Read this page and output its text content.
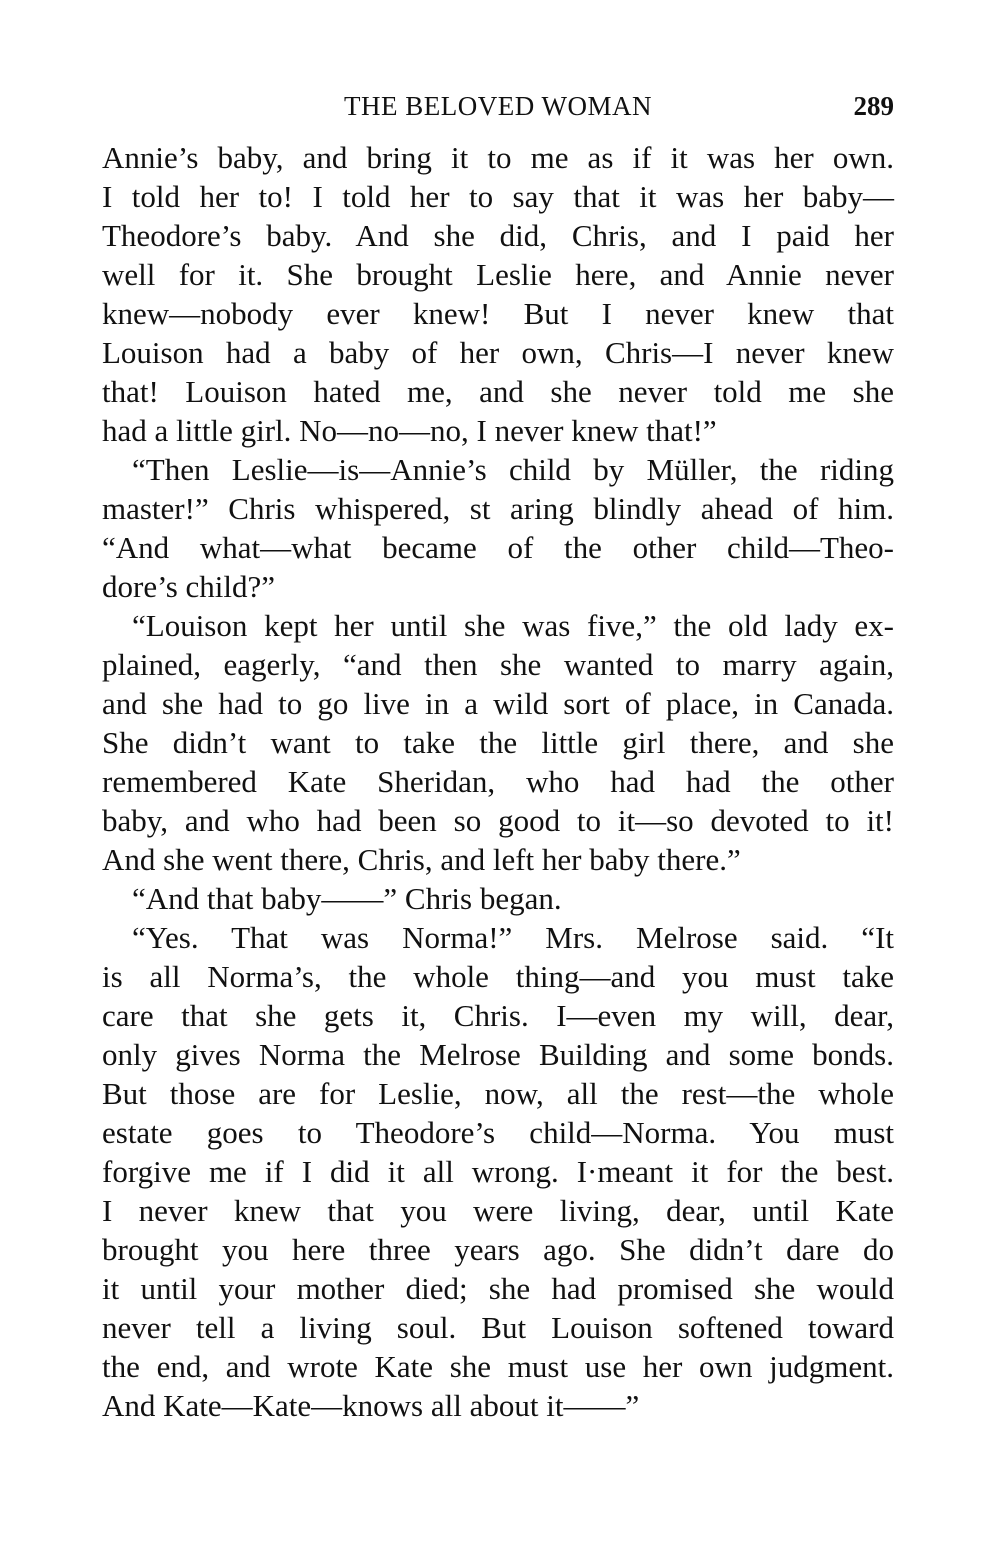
THE BELOVED WOMAN	289
Annie’s baby, and bring it to me as if it was her own.
I told her to! I told her to say that it was her baby—
Theodore’s baby. And she did, Chris, and I paid her
well for it. She brought Leslie here, and Annie never
knew—nobody ever knew! But I never knew that
Louison had a baby of her own, Chris—I never knew
that! Louison hated me, and she never told me she
had a little girl. No—no—no, I never knew that!”
“Then Leslie—is—Annie’s child by Müller, the riding
master!” Chris whispered, st aring blindly ahead of him.
“And what—what became of the other child—Theo-
dore’s child?”
“Louison kept her until she was five,” the old lady ex-
plained, eagerly, “and then she wanted to marry again,
and she had to go live in a wild sort of place, in Canada.
She didn’t want to take the little girl there, and she
remembered Kate Sheridan, who had had the other
baby, and who had been so good to it—so devoted to it!
And she went there, Chris, and left her baby there.”
“And that baby——” Chris began.
“Yes. That was Norma!” Mrs. Melrose said. “It
is all Norma’s, the whole thing—and you must take
care that she gets it, Chris. I—even my will, dear,
only gives Norma the Melrose Building and some bonds.
But those are for Leslie, now, all the rest—the whole
estate goes to Theodore’s child—Norma. You must
forgive me if I did it all wrong. I·meant it for the best.
I never knew that you were living, dear, until Kate
brought you here three years ago. She didn’t dare do
it until your mother died; she had promised she would
never tell a living soul. But Louison softened toward
the end, and wrote Kate she must use her own judgment.
And Kate—Kate—knows all about it——”
